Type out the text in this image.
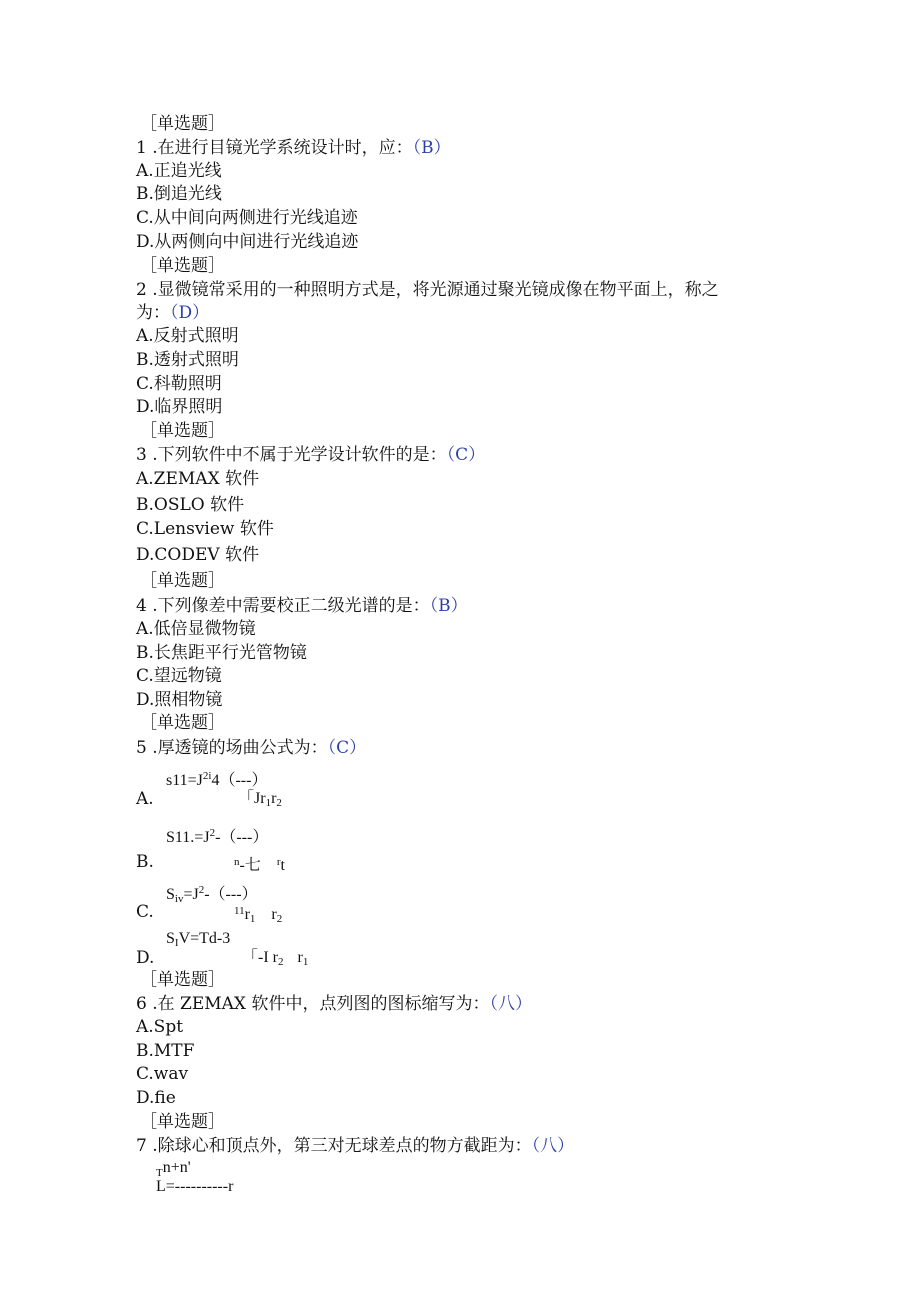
［单选题］
1 .在进行目镜光学系统设计时，应：（B）
A.正追光线
B.倒追光线
C.从中间向两侧进行光线追迹
D.从两侧向中间进行光线追迹
［单选题］
2 .显微镜常采用的一种照明方式是，将光源通过聚光镜成像在物平面上，称之
为：（D）
A.反射式照明
B.透射式照明
C.科勒照明
D.临界照明
［单选题］
3 .下列软件中不属于光学设计软件的是：（C）
A.ZEMAX 软件
B.OSLO 软件
C.Lensview 软件
D.CODEV 软件
［单选题］
4 .下列像差中需要校正二级光谱的是：（B）
A.低倍显微物镜
B.长焦距平行光管物镜
C.望远物镜
D.照相物镜
［单选题］
5 .厚透镜的场曲公式为：（C）
$s11=J^{2i}4(---)$
A.	「$Jr_1r_2$
$S11.=J^2-(---)$
B.	$^n$-七 $^r$t
$S_{iv}=J^2-(---)$
C.	$^{11}r_1$ $r_2$
$S_IV=Td-3$
D.	「-I $r_2$ $r_1$
［单选题］
6 .在 ZEMAX 软件中，点列图的图标缩写为：（八）
A.Spt
B.MTF
C.wav
D.fie
［单选题］
7 .除球心和顶点外，第三对无球差点的物方截距为：（八）
$_T$n+n'
L=----------r
